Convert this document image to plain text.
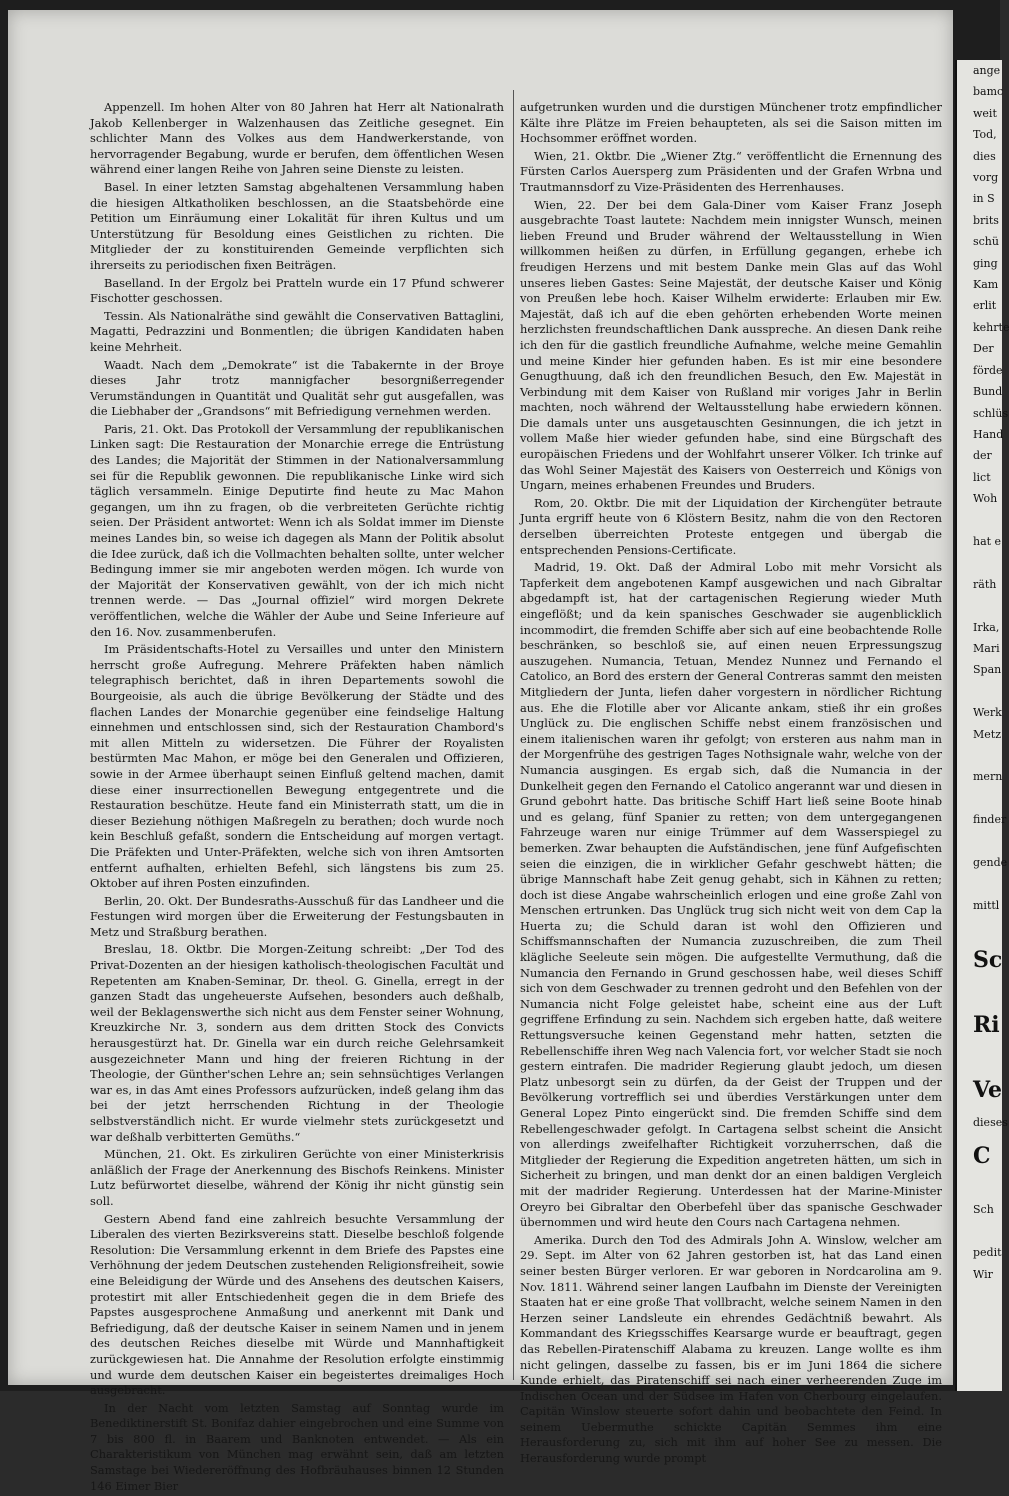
Appenzell. Im hohen Alter von 80 Jahren hat Herr alt Nationalrath Jakob Kellenberger in Walzenhausen das Zeitliche gesegnet. Ein schlichter Mann des Volkes aus dem Handwerkerstande, von hervorragender Begabung, wurde er berufen, dem öffentlichen Wesen während einer langen Reihe von Jahren seine Dienste zu leisten.

Basel. In einer letzten Samstag abgehaltenen Versammlung haben die hiesigen Altkatholiken beschlossen, an die Staatsbehörde eine Petition um Einräumung einer Lokalität für ihren Kultus und um Unterstützung für Besoldung eines Geistlichen zu richten. Die Mitglieder der zu konstituirenden Gemeinde verpflichten sich ihrerseits zu periodischen fixen Beiträgen.

Baselland. In der Ergolz bei Pratteln wurde ein 17 Pfund schwerer Fischotter geschossen.

Tessin. Als Nationalräthe sind gewählt die Conservativen Battaglini, Magatti, Pedrazzini und Bonmentlen; die übrigen Kandidaten haben keine Mehrheit.

Waadt. Nach dem „Demokrate“ ist die Tabakernte in der Broye dieses Jahr trotz mannigfacher besorgnißerregender Verumständungen in Quantität und Qualität sehr gut ausgefallen, was die Liebhaber der „Grandsons“ mit Befriedigung vernehmen werden.

Paris, 21. Okt. Das Protokoll der Versammlung der republikanischen Linken sagt: Die Restauration der Monarchie errege die Entrüstung des Landes; die Majorität der Stimmen in der Nationalversammlung sei für die Republik gewonnen. Die republikanische Linke wird sich täglich versammeln. Einige Deputirte find heute zu Mac Mahon gegangen, um ihn zu fragen, ob die verbreiteten Gerüchte richtig seien. Der Präsident antwortet: Wenn ich als Soldat immer im Dienste meines Landes bin, so weise ich dagegen als Mann der Politik absolut die Idee zurück, daß ich die Vollmachten behalten sollte, unter welcher Bedingung immer sie mir angeboten werden mögen. Ich wurde von der Majorität der Konservativen gewählt, von der ich mich nicht trennen werde. — Das „Journal offiziel“ wird morgen Dekrete veröffentlichen, welche die Wähler der Aube und Seine Inferieure auf den 16. Nov. zusammenberufen.

Im Präsidentschafts-Hotel zu Versailles und unter den Ministern herrscht große Aufregung. Mehrere Präfekten haben nämlich telegraphisch berichtet, daß in ihren Departements sowohl die Bourgeoisie, als auch die übrige Bevölkerung der Städte und des flachen Landes der Monarchie gegenüber eine feindselige Haltung einnehmen und entschlossen sind, sich der Restauration Chambord's mit allen Mitteln zu widersetzen. Die Führer der Royalisten bestürmten Mac Mahon, er möge bei den Generalen und Offizieren, sowie in der Armee überhaupt seinen Einfluß geltend machen, damit diese einer insurrectionellen Bewegung entgegentrete und die Restauration beschütze. Heute fand ein Ministerrath statt, um die in dieser Beziehung nöthigen Maßregeln zu berathen; doch wurde noch kein Beschluß gefaßt, sondern die Entscheidung auf morgen vertagt. Die Präfekten und Unter-Präfekten, welche sich von ihren Amtsorten entfernt aufhalten, erhielten Befehl, sich längstens bis zum 25. Oktober auf ihren Posten einzufinden.

Berlin, 20. Okt. Der Bundesraths-Ausschuß für das Landheer und die Festungen wird morgen über die Erweiterung der Festungsbauten in Metz und Straßburg berathen.

Breslau, 18. Oktbr. Die Morgen-Zeitung schreibt: „Der Tod des Privat-Dozenten an der hiesigen katholisch-theologischen Facultät und Repetenten am Knaben-Seminar, Dr. theol. G. Ginella, erregt in der ganzen Stadt das ungeheuerste Aufsehen, besonders auch deßhalb, weil der Beklagenswerthe sich nicht aus dem Fenster seiner Wohnung, Kreuzkirche Nr. 3, sondern aus dem dritten Stock des Convicts herausgestürzt hat. Dr. Ginella war ein durch reiche Gelehrsamkeit ausgezeichneter Mann und hing der freieren Richtung in der Theologie, der Günther'schen Lehre an; sein sehnsüchtiges Verlangen war es, in das Amt eines Professors aufzurücken, indeß gelang ihm das bei der jetzt herrschenden Richtung in der Theologie selbstverständlich nicht. Er wurde vielmehr stets zurückgesetzt und war deßhalb verbitterten Gemüths.“

München, 21. Okt. Es zirkuliren Gerüchte von einer Ministerkrisis anläßlich der Frage der Anerkennung des Bischofs Reinkens. Minister Lutz befürwortet dieselbe, während der König ihr nicht günstig sein soll.

Gestern Abend fand eine zahlreich besuchte Versammlung der Liberalen des vierten Bezirksvereins statt. Dieselbe beschloß folgende Resolution: Die Versammlung erkennt in dem Briefe des Papstes eine Verhöhnung der jedem Deutschen zustehenden Religionsfreiheit, sowie eine Beleidigung der Würde und des Ansehens des deutschen Kaisers, protestirt mit aller Entschiedenheit gegen die in dem Briefe des Papstes ausgesprochene Anmaßung und anerkennt mit Dank und Befriedigung, daß der deutsche Kaiser in seinem Namen und in jenem des deutschen Reiches dieselbe mit Würde und Mannhaftigkeit zurückgewiesen hat. Die Annahme der Resolution erfolgte einstimmig und wurde dem deutschen Kaiser ein begeistertes dreimaliges Hoch ausgebracht.

In der Nacht vom letzten Samstag auf Sonntag wurde im Benediktinerstift St. Bonifaz dahier eingebrochen und eine Summe von 7 bis 800 fl. in Baarem und Banknoten entwendet. — Als ein Charakteristikum von München mag erwähnt sein, daß am letzten Samstage bei Wiedereröffnung des Hofbräuhauses binnen 12 Stunden 146 Eimer Bier

aufgetrunken wurden und die durstigen Münchener trotz empfindlicher Kälte ihre Plätze im Freien behaupteten, als sei die Saison mitten im Hochsommer eröffnet worden.

Wien, 21. Oktbr. Die „Wiener Ztg.“ veröffentlicht die Ernennung des Fürsten Carlos Auersperg zum Präsidenten und der Grafen Wrbna und Trautmannsdorf zu Vize-Präsidenten des Herrenhauses.

Wien, 22. Der bei dem Gala-Diner vom Kaiser Franz Joseph ausgebrachte Toast lautete: Nachdem mein innigster Wunsch, meinen lieben Freund und Bruder während der Weltausstellung in Wien willkommen heißen zu dürfen, in Erfüllung gegangen, erhebe ich freudigen Herzens und mit bestem Danke mein Glas auf das Wohl unseres lieben Gastes: Seine Majestät, der deutsche Kaiser und König von Preußen lebe hoch. Kaiser Wilhelm erwiderte: Erlauben mir Ew. Majestät, daß ich auf die eben gehörten erhebenden Worte meinen herzlichsten freundschaftlichen Dank ausspreche. An diesen Dank reihe ich den für die gastlich freundliche Aufnahme, welche meine Gemahlin und meine Kinder hier gefunden haben. Es ist mir eine besondere Genugthuung, daß ich den freundlichen Besuch, den Ew. Majestät in Verbindung mit dem Kaiser von Rußland mir voriges Jahr in Berlin machten, noch während der Weltausstellung habe erwiedern können. Die damals unter uns ausgetauschten Gesinnungen, die ich jetzt in vollem Maße hier wieder gefunden habe, sind eine Bürgschaft des europäischen Friedens und der Wohlfahrt unserer Völker. Ich trinke auf das Wohl Seiner Majestät des Kaisers von Oesterreich und Königs von Ungarn, meines erhabenen Freundes und Bruders.

Rom, 20. Oktbr. Die mit der Liquidation der Kirchengüter betraute Junta ergriff heute von 6 Klöstern Besitz, nahm die von den Rectoren derselben überreichten Proteste entgegen und übergab die entsprechenden Pensions-Certificate.

Madrid, 19. Okt. Daß der Admiral Lobo mit mehr Vorsicht als Tapferkeit dem angebotenen Kampf ausgewichen und nach Gibraltar abgedampft ist, hat der cartagenischen Regierung wieder Muth eingeflößt; und da kein spanisches Geschwader sie augenblicklich incommodirt, die fremden Schiffe aber sich auf eine beobachtende Rolle beschränken, so beschloß sie, auf einen neuen Erpressungszug auszugehen. Numancia, Tetuan, Mendez Nunnez und Fernando el Catolico, an Bord des erstern der General Contreras sammt den meisten Mitgliedern der Junta, liefen daher vorgestern in nördlicher Richtung aus. Ehe die Flotille aber vor Alicante ankam, stieß ihr ein großes Unglück zu. Die englischen Schiffe nebst einem französischen und einem italienischen waren ihr gefolgt; von ersteren aus nahm man in der Morgenfrühe des gestrigen Tages Nothsignale wahr, welche von der Numancia ausgingen. Es ergab sich, daß die Numancia in der Dunkelheit gegen den Fernando el Catolico angerannt war und diesen in Grund gebohrt hatte. Das britische Schiff Hart ließ seine Boote hinab und es gelang, fünf Spanier zu retten; von dem untergegangenen Fahrzeuge waren nur einige Trümmer auf dem Wasserspiegel zu bemerken. Zwar behaupten die Aufständischen, jene fünf Aufgefischten seien die einzigen, die in wirklicher Gefahr geschwebt hätten; die übrige Mannschaft habe Zeit genug gehabt, sich in Kähnen zu retten; doch ist diese Angabe wahrscheinlich erlogen und eine große Zahl von Menschen ertrunken. Das Unglück trug sich nicht weit von dem Cap la Huerta zu; die Schuld daran ist wohl den Offizieren und Schiffsmannschaften der Numancia zuzuschreiben, die zum Theil klägliche Seeleute sein mögen. Die aufgestellte Vermuthung, daß die Numancia den Fernando in Grund geschossen habe, weil dieses Schiff sich von dem Geschwader zu trennen gedroht und den Befehlen von der Numancia nicht Folge geleistet habe, scheint eine aus der Luft gegriffene Erfindung zu sein. Nachdem sich ergeben hatte, daß weitere Rettungsversuche keinen Gegenstand mehr hatten, setzten die Rebellenschiffe ihren Weg nach Valencia fort, vor welcher Stadt sie noch gestern eintrafen. Die madrider Regierung glaubt jedoch, um diesen Platz unbesorgt sein zu dürfen, da der Geist der Truppen und der Bevölkerung vortrefflich sei und überdies Verstärkungen unter dem General Lopez Pinto eingerückt sind. Die fremden Schiffe sind dem Rebellengeschwader gefolgt. In Cartagena selbst scheint die Ansicht von allerdings zweifelhafter Richtigkeit vorzuherrschen, daß die Mitglieder der Regierung die Expedition angetreten hätten, um sich in Sicherheit zu bringen, und man denkt dor an einen baldigen Vergleich mit der madrider Regierung. Unterdessen hat der Marine-Minister Oreyro bei Gibraltar den Oberbefehl über das spanische Geschwader übernommen und wird heute den Cours nach Cartagena nehmen.

Amerika. Durch den Tod des Admirals John A. Winslow, welcher am 29. Sept. im Alter von 62 Jahren gestorben ist, hat das Land einen seiner besten Bürger verloren. Er war geboren in Nordcarolina am 9. Nov. 1811. Während seiner langen Laufbahn im Dienste der Vereinigten Staaten hat er eine große That vollbracht, welche seinem Namen in den Herzen seiner Landsleute ein ehrendes Gedächtniß bewahrt. Als Kommandant des Kriegsschiffes Kearsarge wurde er beauftragt, gegen das Rebellen-Piratenschiff Alabama zu kreuzen. Lange wollte es ihm nicht gelingen, dasselbe zu fassen, bis er im Juni 1864 die sichere Kunde erhielt, das Piratenschiff sei nach einer verheerenden Zuge im Indischen Ocean und der Südsee im Hafen von Cherbourg eingelaufen. Capitän Winslow steuerte sofort dahin und beobachtete den Feind. In seinem Uebermuthe schickte Capitän Semmes ihm eine Herausforderung zu, sich mit ihm auf hoher See zu messen. Die Herausforderung wurde prompt

ange
bamc
weit
Tod,
dies
vorg
in S
brits
schü
ging
Kam
erlit
kehrte
Der
förde
Bund
schlüs
Hand
der
lict
Woh

hat e

räth

Irka,
Mari
Span

Werk
Metz

mern

finder

gende

mittl

Sc

Ri

Ve
dieses
C

Sch

pedit
Wir
